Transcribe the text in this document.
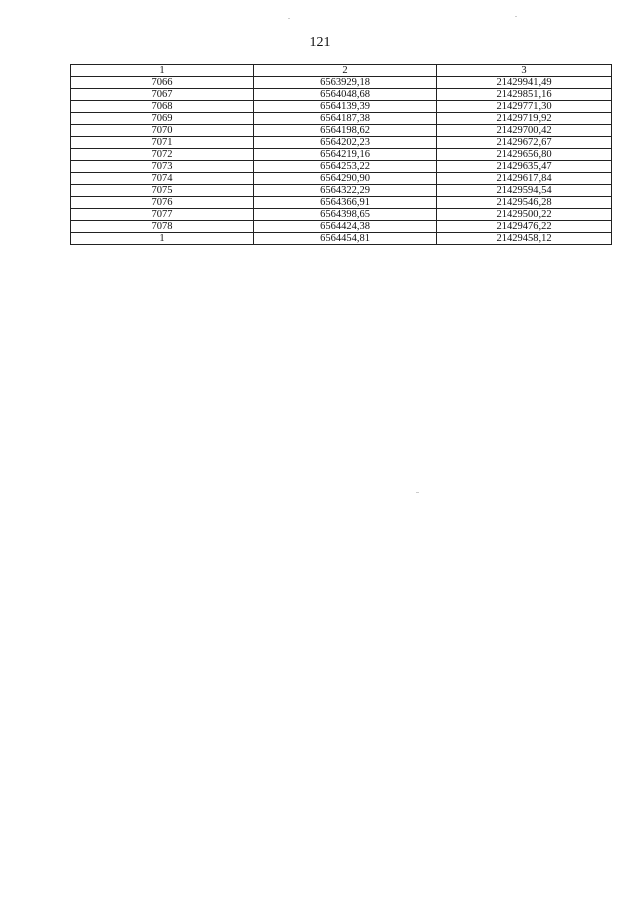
121
1	2	3
7066	6563929,18	21429941,49
7067	6564048,68	21429851,16
7068	6564139,39	21429771,30
7069	6564187,38	21429719,92
7070	6564198,62	21429700,42
7071	6564202,23	21429672,67
7072	6564219,16	21429656,80
7073	6564253,22	21429635,47
7074	6564290,90	21429617,84
7075	6564322,29	21429594,54
7076	6564366,91	21429546,28
7077	6564398,65	21429500,22
7078	6564424,38	21429476,22
1	6564454,81	21429458,12
